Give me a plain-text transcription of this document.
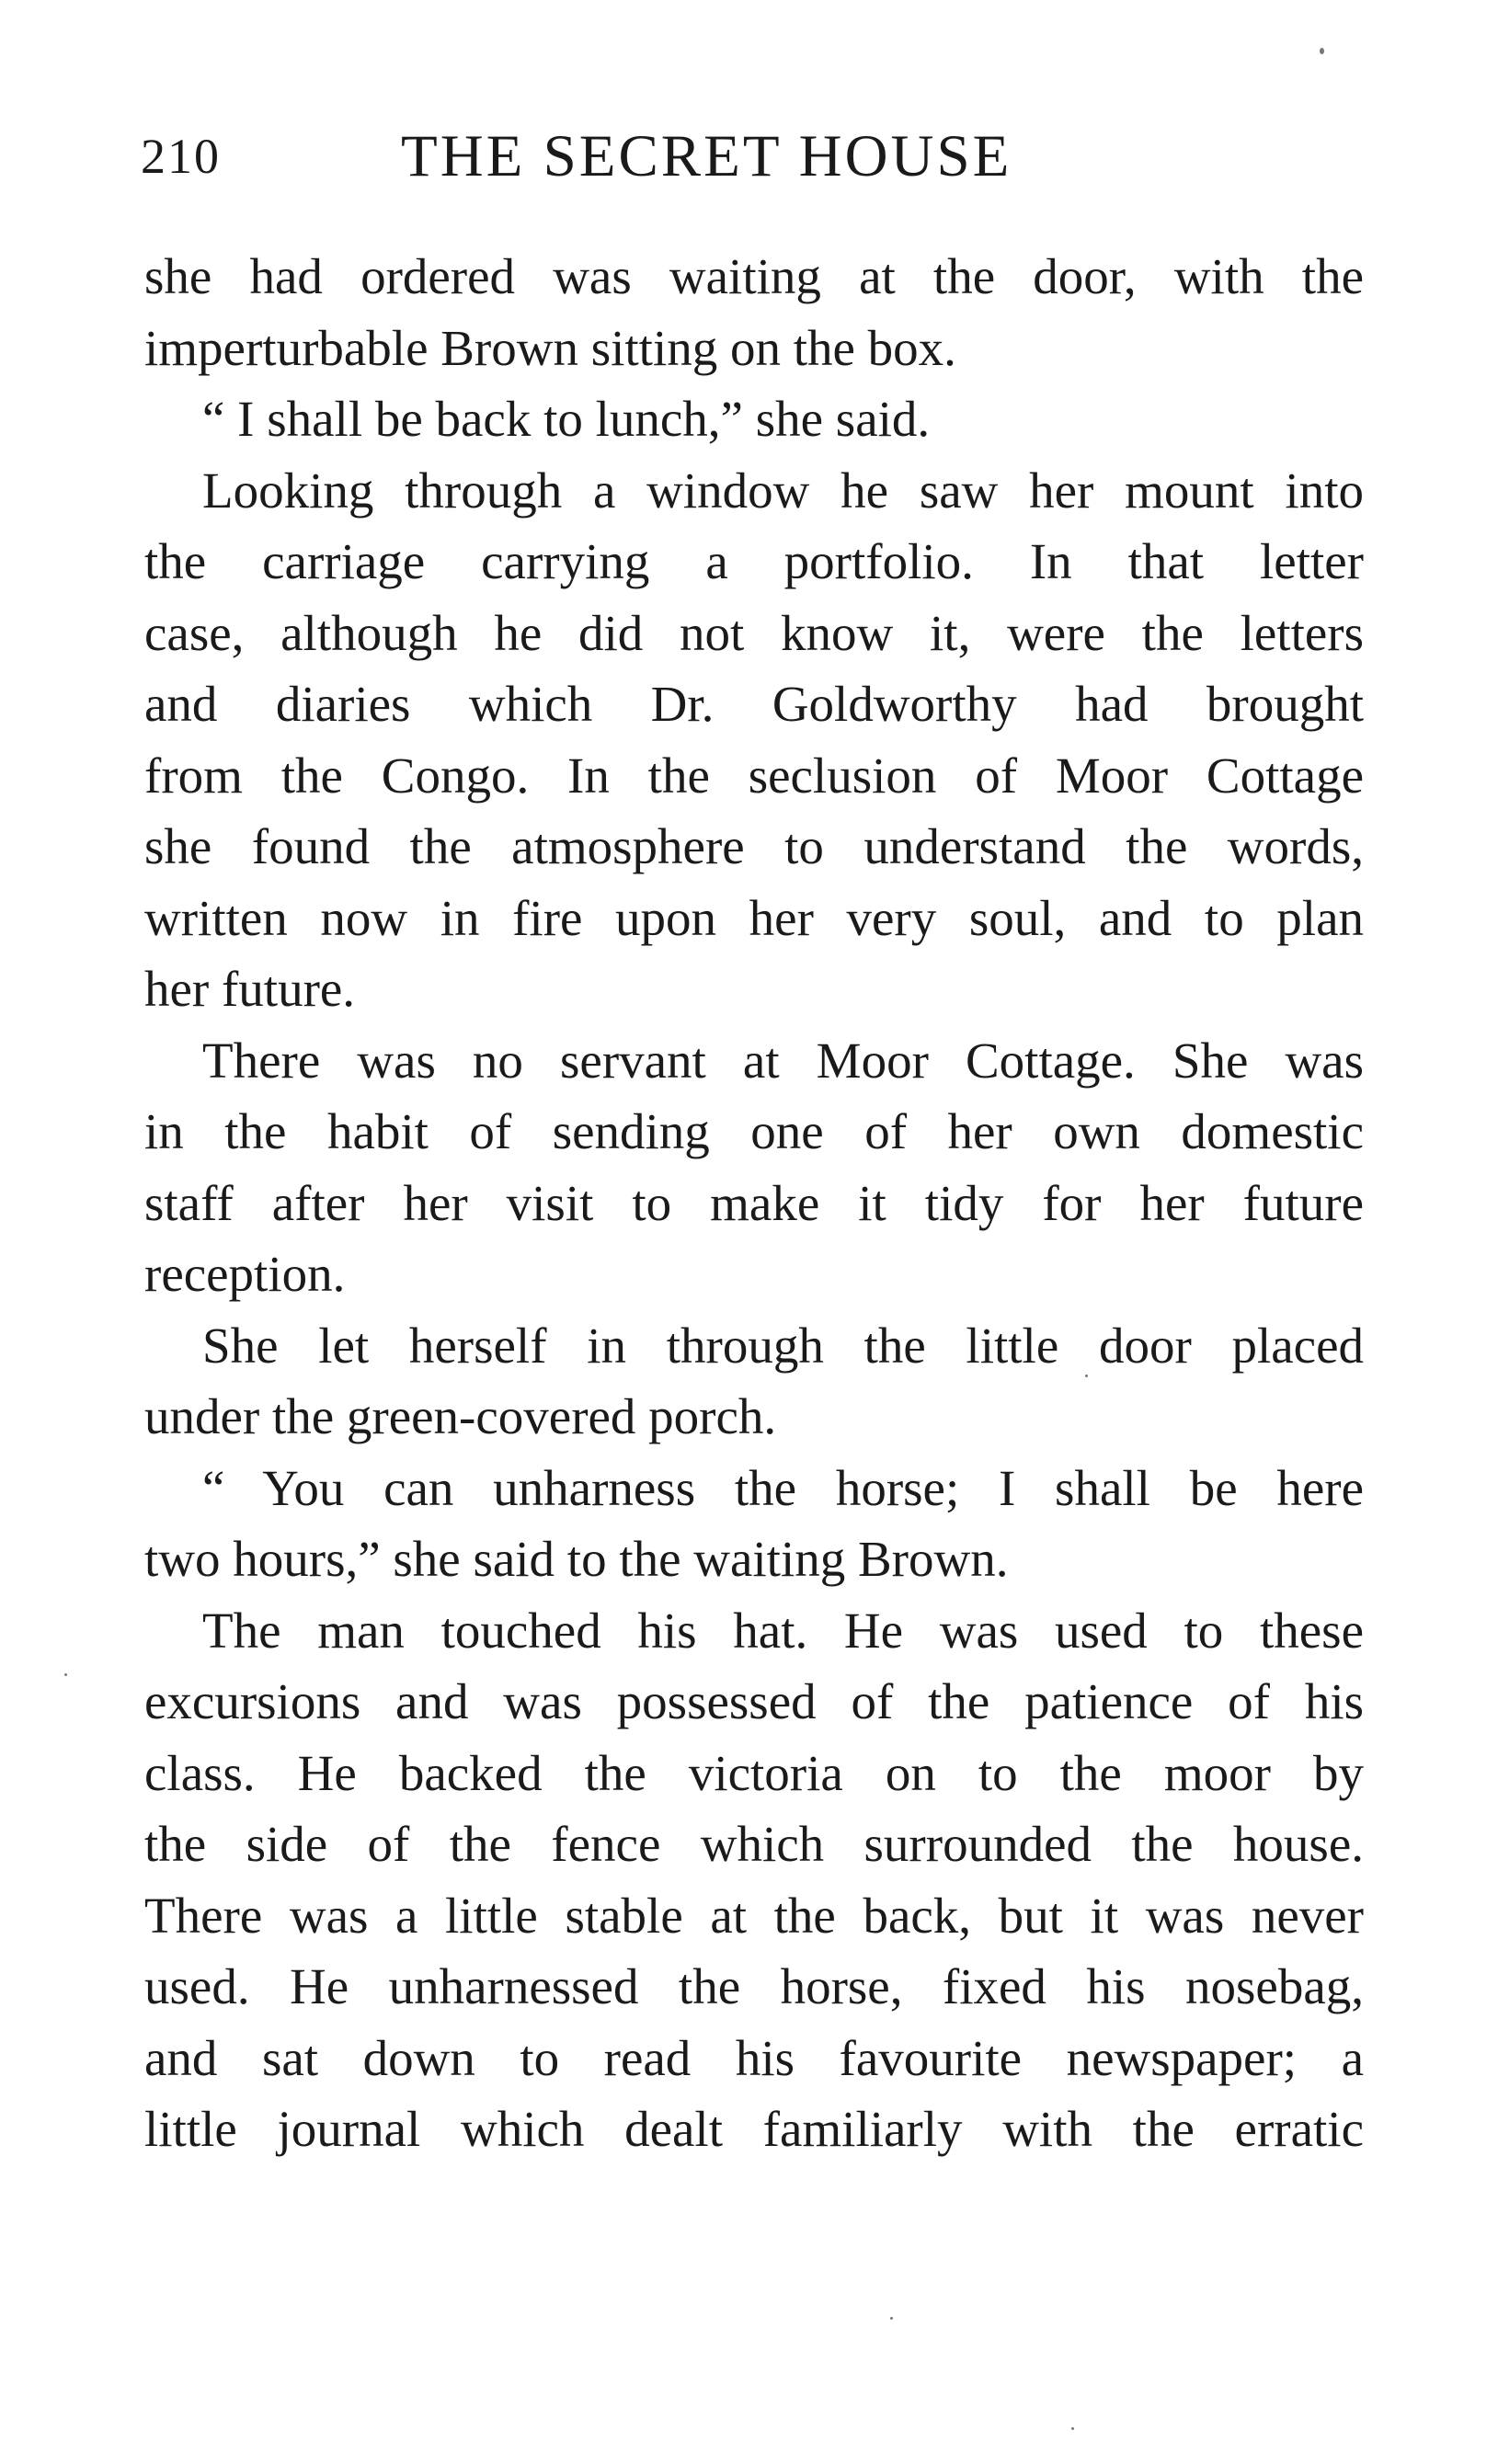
210	THE SECRET HOUSE
she had ordered was waiting at the door, with the
imperturbable Brown sitting on the box.
“ I shall be back to lunch,” she said.
Looking through a window he saw her mount into
the carriage carrying a portfolio. In that letter
case, although he did not know it, were the letters
and diaries which Dr. Goldworthy had brought
from the Congo. In the seclusion of Moor Cottage
she found the atmosphere to understand the words,
written now in fire upon her very soul, and to plan
her future.
There was no servant at Moor Cottage. She was
in the habit of sending one of her own domestic
staff after her visit to make it tidy for her future
reception.
She let herself in through the little door placed
under the green-covered porch.
“ You can unharness the horse; I shall be here
two hours,” she said to the waiting Brown.
The man touched his hat. He was used to these
excursions and was possessed of the patience of his
class. He backed the victoria on to the moor by
the side of the fence which surrounded the house.
There was a little stable at the back, but it was never
used. He unharnessed the horse, fixed his nosebag,
and sat down to read his favourite newspaper; a
little journal which dealt familiarly with the erratic
